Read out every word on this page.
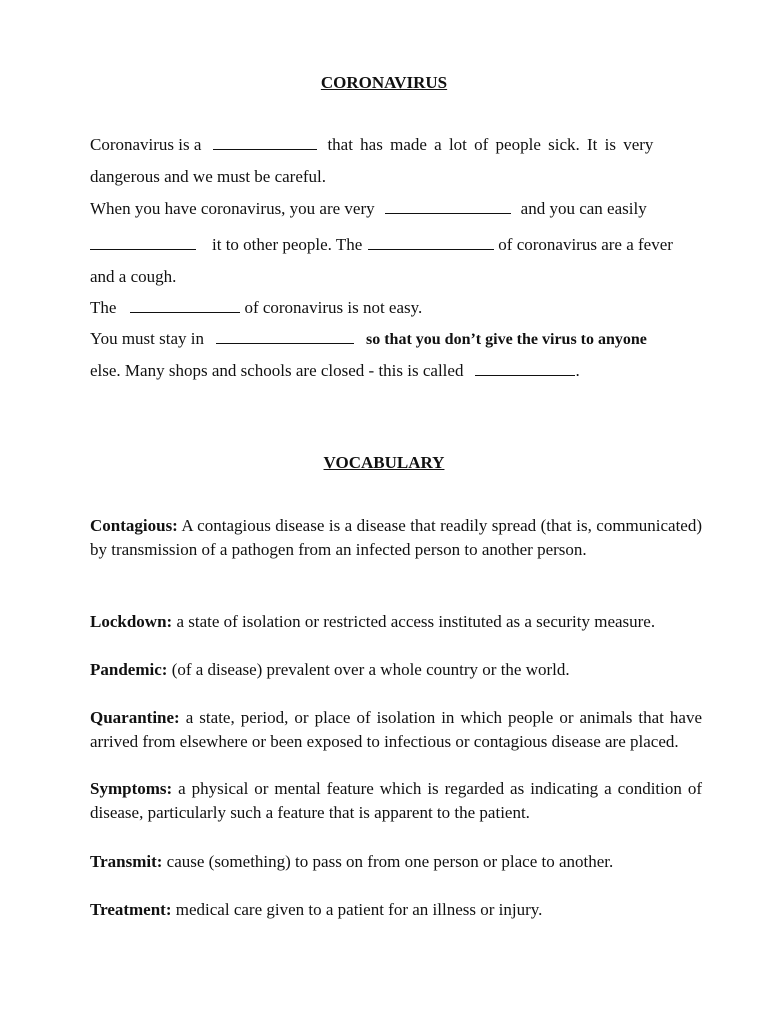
CORONAVIRUS
Coronavirus is a	that has made a lot of people sick. It is very
dangerous and we must be careful.
When you have coronavirus, you are very	and you can easily
it to other people. The	of coronavirus are a fever
and a cough.
The	of coronavirus is not easy.
You must stay in	so that you don’t give the virus to anyone
else. Many shops and schools are closed - this is called	.
VOCABULARY
Contagious: A contagious disease is a disease that readily spread (that is, communicated) by transmission of a pathogen from an infected person to another person.
Lockdown: a state of isolation or restricted access instituted as a security measure.
Pandemic: (of a disease) prevalent over a whole country or the world.
Quarantine: a state, period, or place of isolation in which people or animals that have arrived from elsewhere or been exposed to infectious or contagious disease are placed.
Symptoms: a physical or mental feature which is regarded as indicating a condition of disease, particularly such a feature that is apparent to the patient.
Transmit: cause (something) to pass on from one person or place to another.
Treatment: medical care given to a patient for an illness or injury.
